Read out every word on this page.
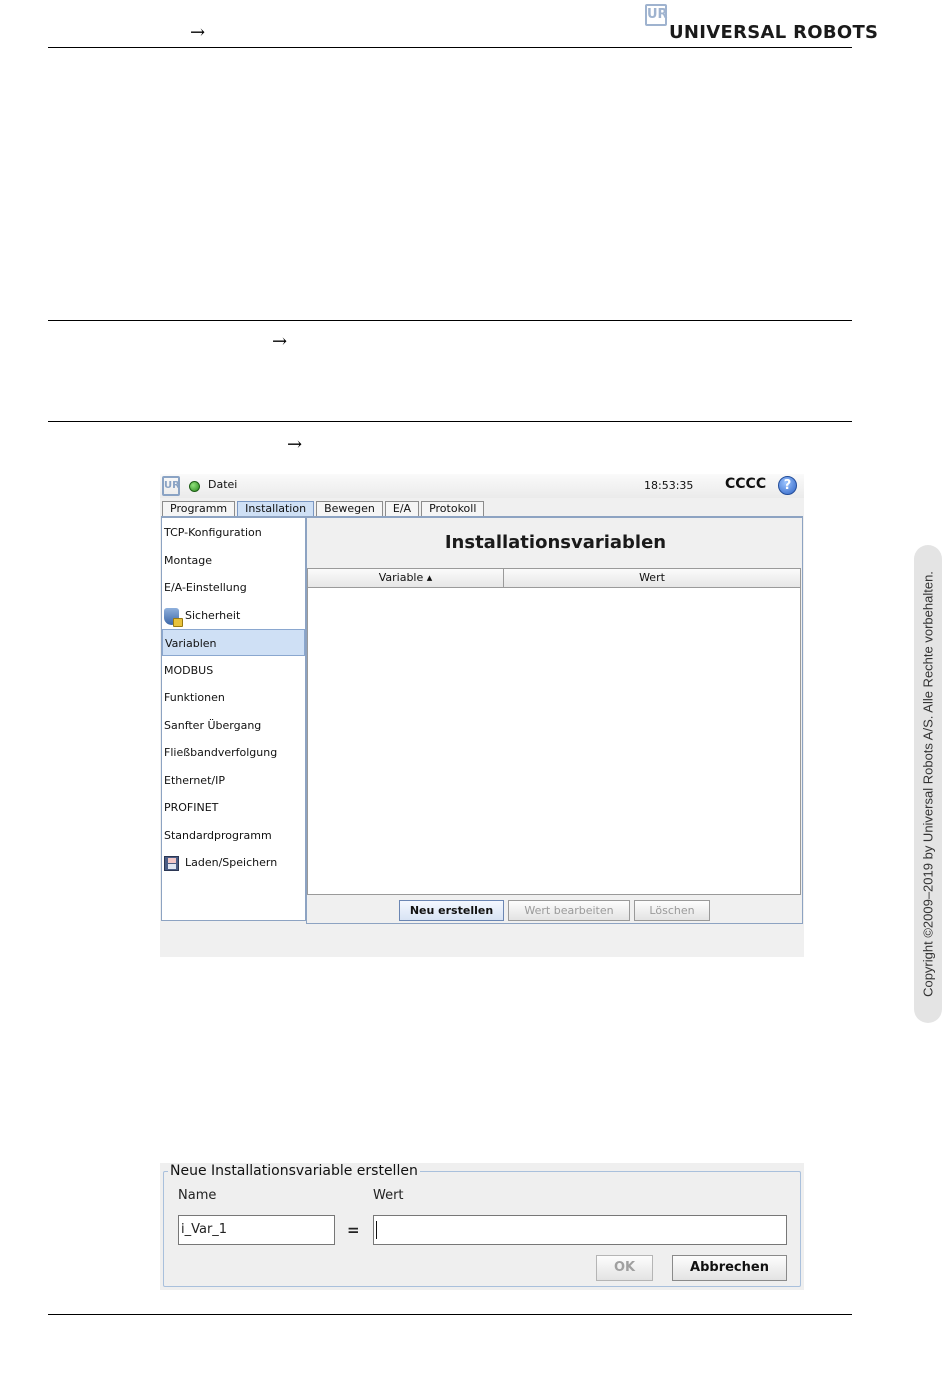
→
UR
UNIVERSAL ROBOTS
→
→
Copyright ©2009–2019 by Universal Robots A/S. Alle Rechte vorbehalten.
UR	Datei	18:53:35 CCCC	?
Programm	Installation	Bewegen	E/A	Protokoll
TCP-Konfiguration
Montage
E/A-Einstellung
Sicherheit
Variablen
MODBUS
Funktionen
Sanfter Übergang
Fließbandverfolgung
Ethernet/IP
PROFINET
Standardprogramm
Laden/Speichern
Installationsvariablen
Variable ▴	Wert
Neu erstellen	Wert bearbeiten	Löschen
Neue Installationsvariable erstellen
Name	Wert
i_Var_1	=
OK	Abbrechen
